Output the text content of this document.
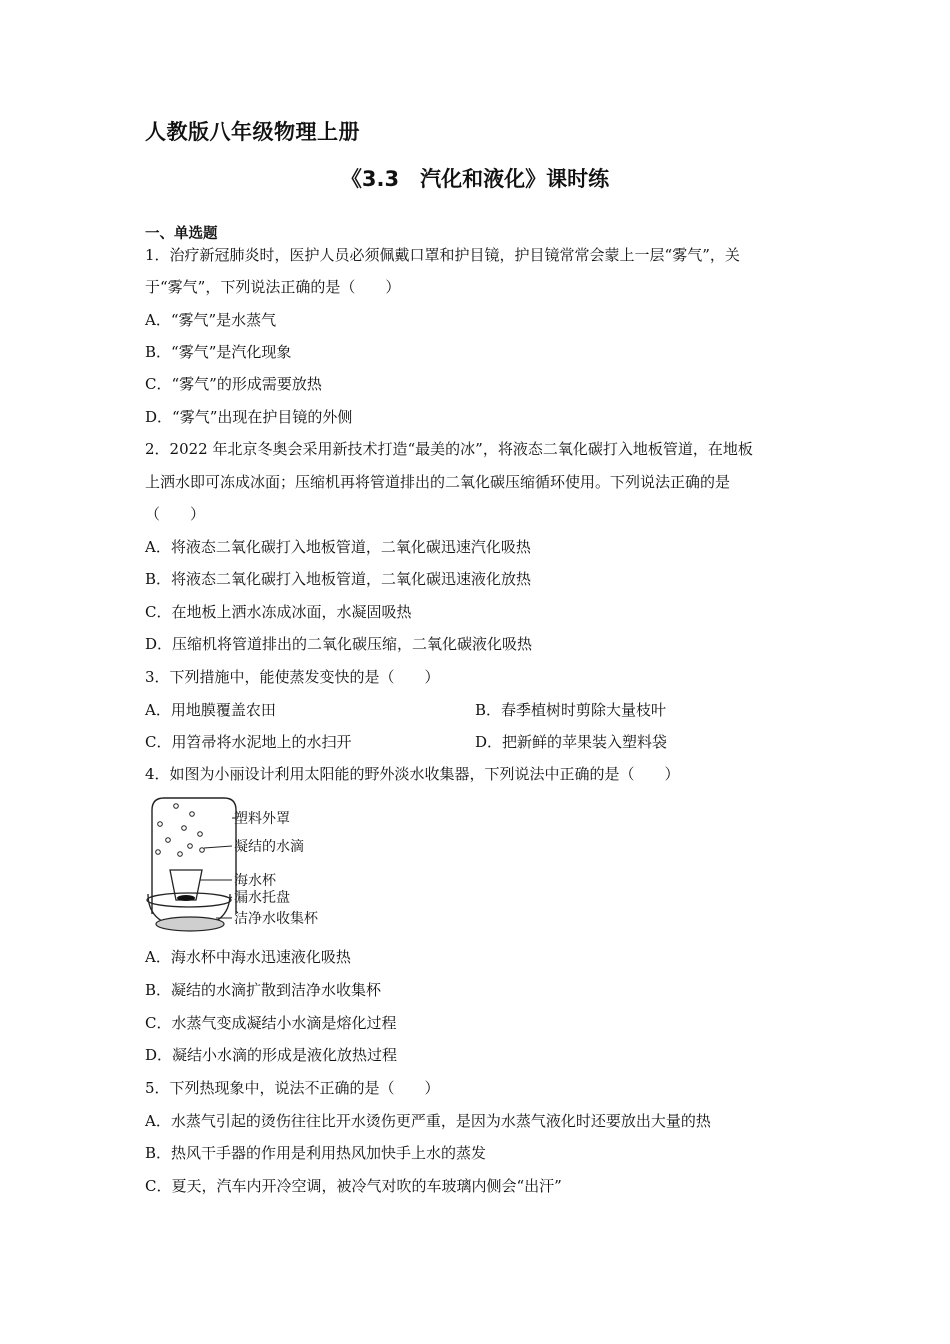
人教版八年级物理上册
《3.3　汽化和液化》课时练
一、单选题
1．治疗新冠肺炎时，医护人员必须佩戴口罩和护目镜，护目镜常常会蒙上一层“雾气”，关
于“雾气”，下列说法正确的是（　　）
A．“雾气”是水蒸气
B．“雾气”是汽化现象
C．“雾气”的形成需要放热
D．“雾气”出现在护目镜的外侧
2．2022 年北京冬奥会采用新技术打造“最美的冰”，将液态二氧化碳打入地板管道，在地板
上洒水即可冻成冰面；压缩机再将管道排出的二氧化碳压缩循环使用。下列说法正确的是
（　　）
A．将液态二氧化碳打入地板管道，二氧化碳迅速汽化吸热
B．将液态二氧化碳打入地板管道，二氧化碳迅速液化放热
C．在地板上洒水冻成冰面，水凝固吸热
D．压缩机将管道排出的二氧化碳压缩，二氧化碳液化吸热
3．下列措施中，能使蒸发变快的是（　　）
A．用地膜覆盖农田	B．春季植树时剪除大量枝叶
C．用笤帚将水泥地上的水扫开	D．把新鲜的苹果装入塑料袋
4．如图为小丽设计利用太阳能的野外淡水收集器，下列说法中正确的是（　　）
塑料外罩
凝结的水滴
海水杯
漏水托盘
洁净水收集杯
A．海水杯中海水迅速液化吸热
B．凝结的水滴扩散到洁净水收集杯
C．水蒸气变成凝结小水滴是熔化过程
D．凝结小水滴的形成是液化放热过程
5．下列热现象中，说法不正确的是（　　）
A．水蒸气引起的烫伤往往比开水烫伤更严重，是因为水蒸气液化时还要放出大量的热
B．热风干手器的作用是利用热风加快手上水的蒸发
C．夏天，汽车内开冷空调，被冷气对吹的车玻璃内侧会“出汗”
